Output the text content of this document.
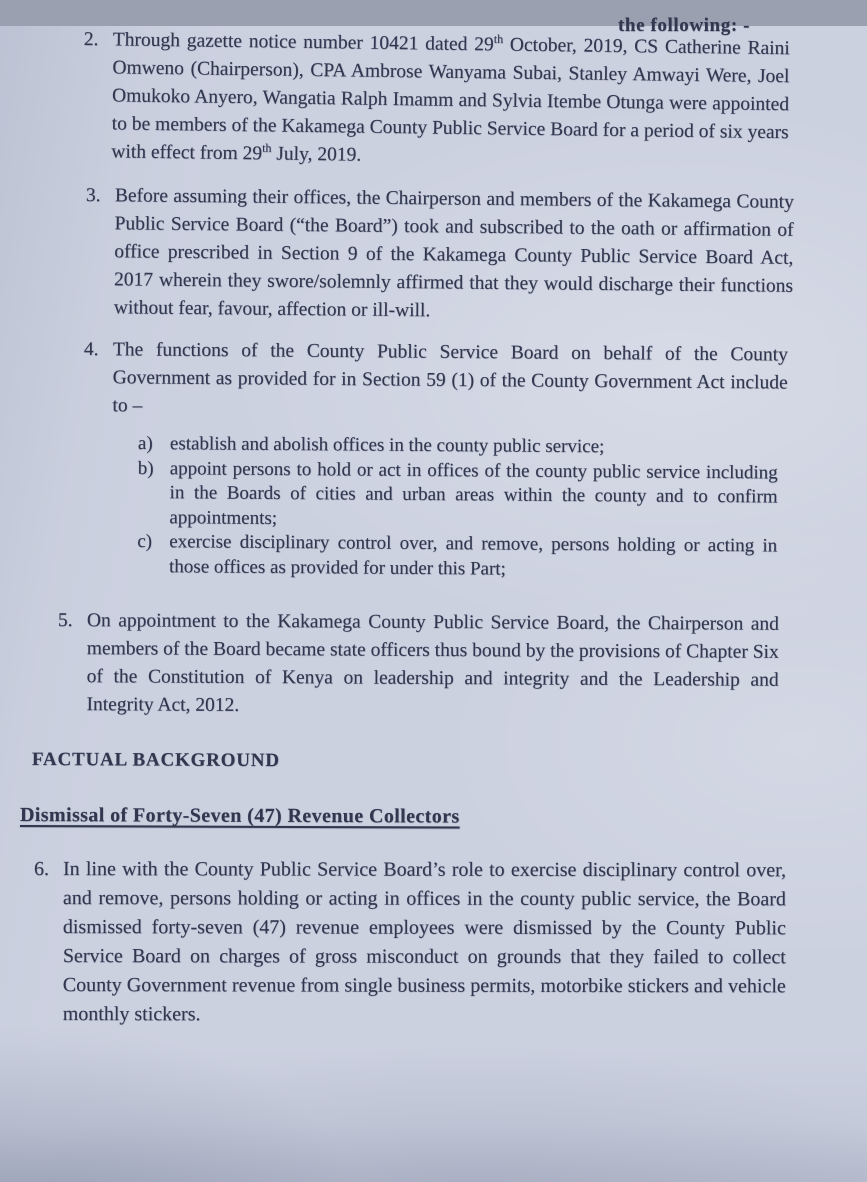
the following: -
2. Through gazette notice number 10421 dated 29th October, 2019, CS Catherine Raini Omweno (Chairperson), CPA Ambrose Wanyama Subai, Stanley Amwayi Were, Joel Omukoko Anyero, Wangatia Ralph Imamm and Sylvia Itembe Otunga were appointed to be members of the Kakamega County Public Service Board for a period of six years with effect from 29th July, 2019.
3. Before assuming their offices, the Chairperson and members of the Kakamega County Public Service Board (“the Board”) took and subscribed to the oath or affirmation of office prescribed in Section 9 of the Kakamega County Public Service Board Act, 2017 wherein they swore/solemnly affirmed that they would discharge their functions without fear, favour, affection or ill-will.
4. The functions of the County Public Service Board on behalf of the County Government as provided for in Section 59 (1) of the County Government Act include to –
a) establish and abolish offices in the county public service;
b) appoint persons to hold or act in offices of the county public service including in the Boards of cities and urban areas within the county and to confirm appointments;
c) exercise disciplinary control over, and remove, persons holding or acting in those offices as provided for under this Part;
5. On appointment to the Kakamega County Public Service Board, the Chairperson and members of the Board became state officers thus bound by the provisions of Chapter Six of the Constitution of Kenya on leadership and integrity and the Leadership and Integrity Act, 2012.
FACTUAL BACKGROUND
Dismissal of Forty-Seven (47) Revenue Collectors
6. In line with the County Public Service Board’s role to exercise disciplinary control over, and remove, persons holding or acting in offices in the county public service, the Board dismissed forty-seven (47) revenue employees were dismissed by the County Public Service Board on charges of gross misconduct on grounds that they failed to collect County Government revenue from single business permits, motorbike stickers and vehicle monthly stickers.
